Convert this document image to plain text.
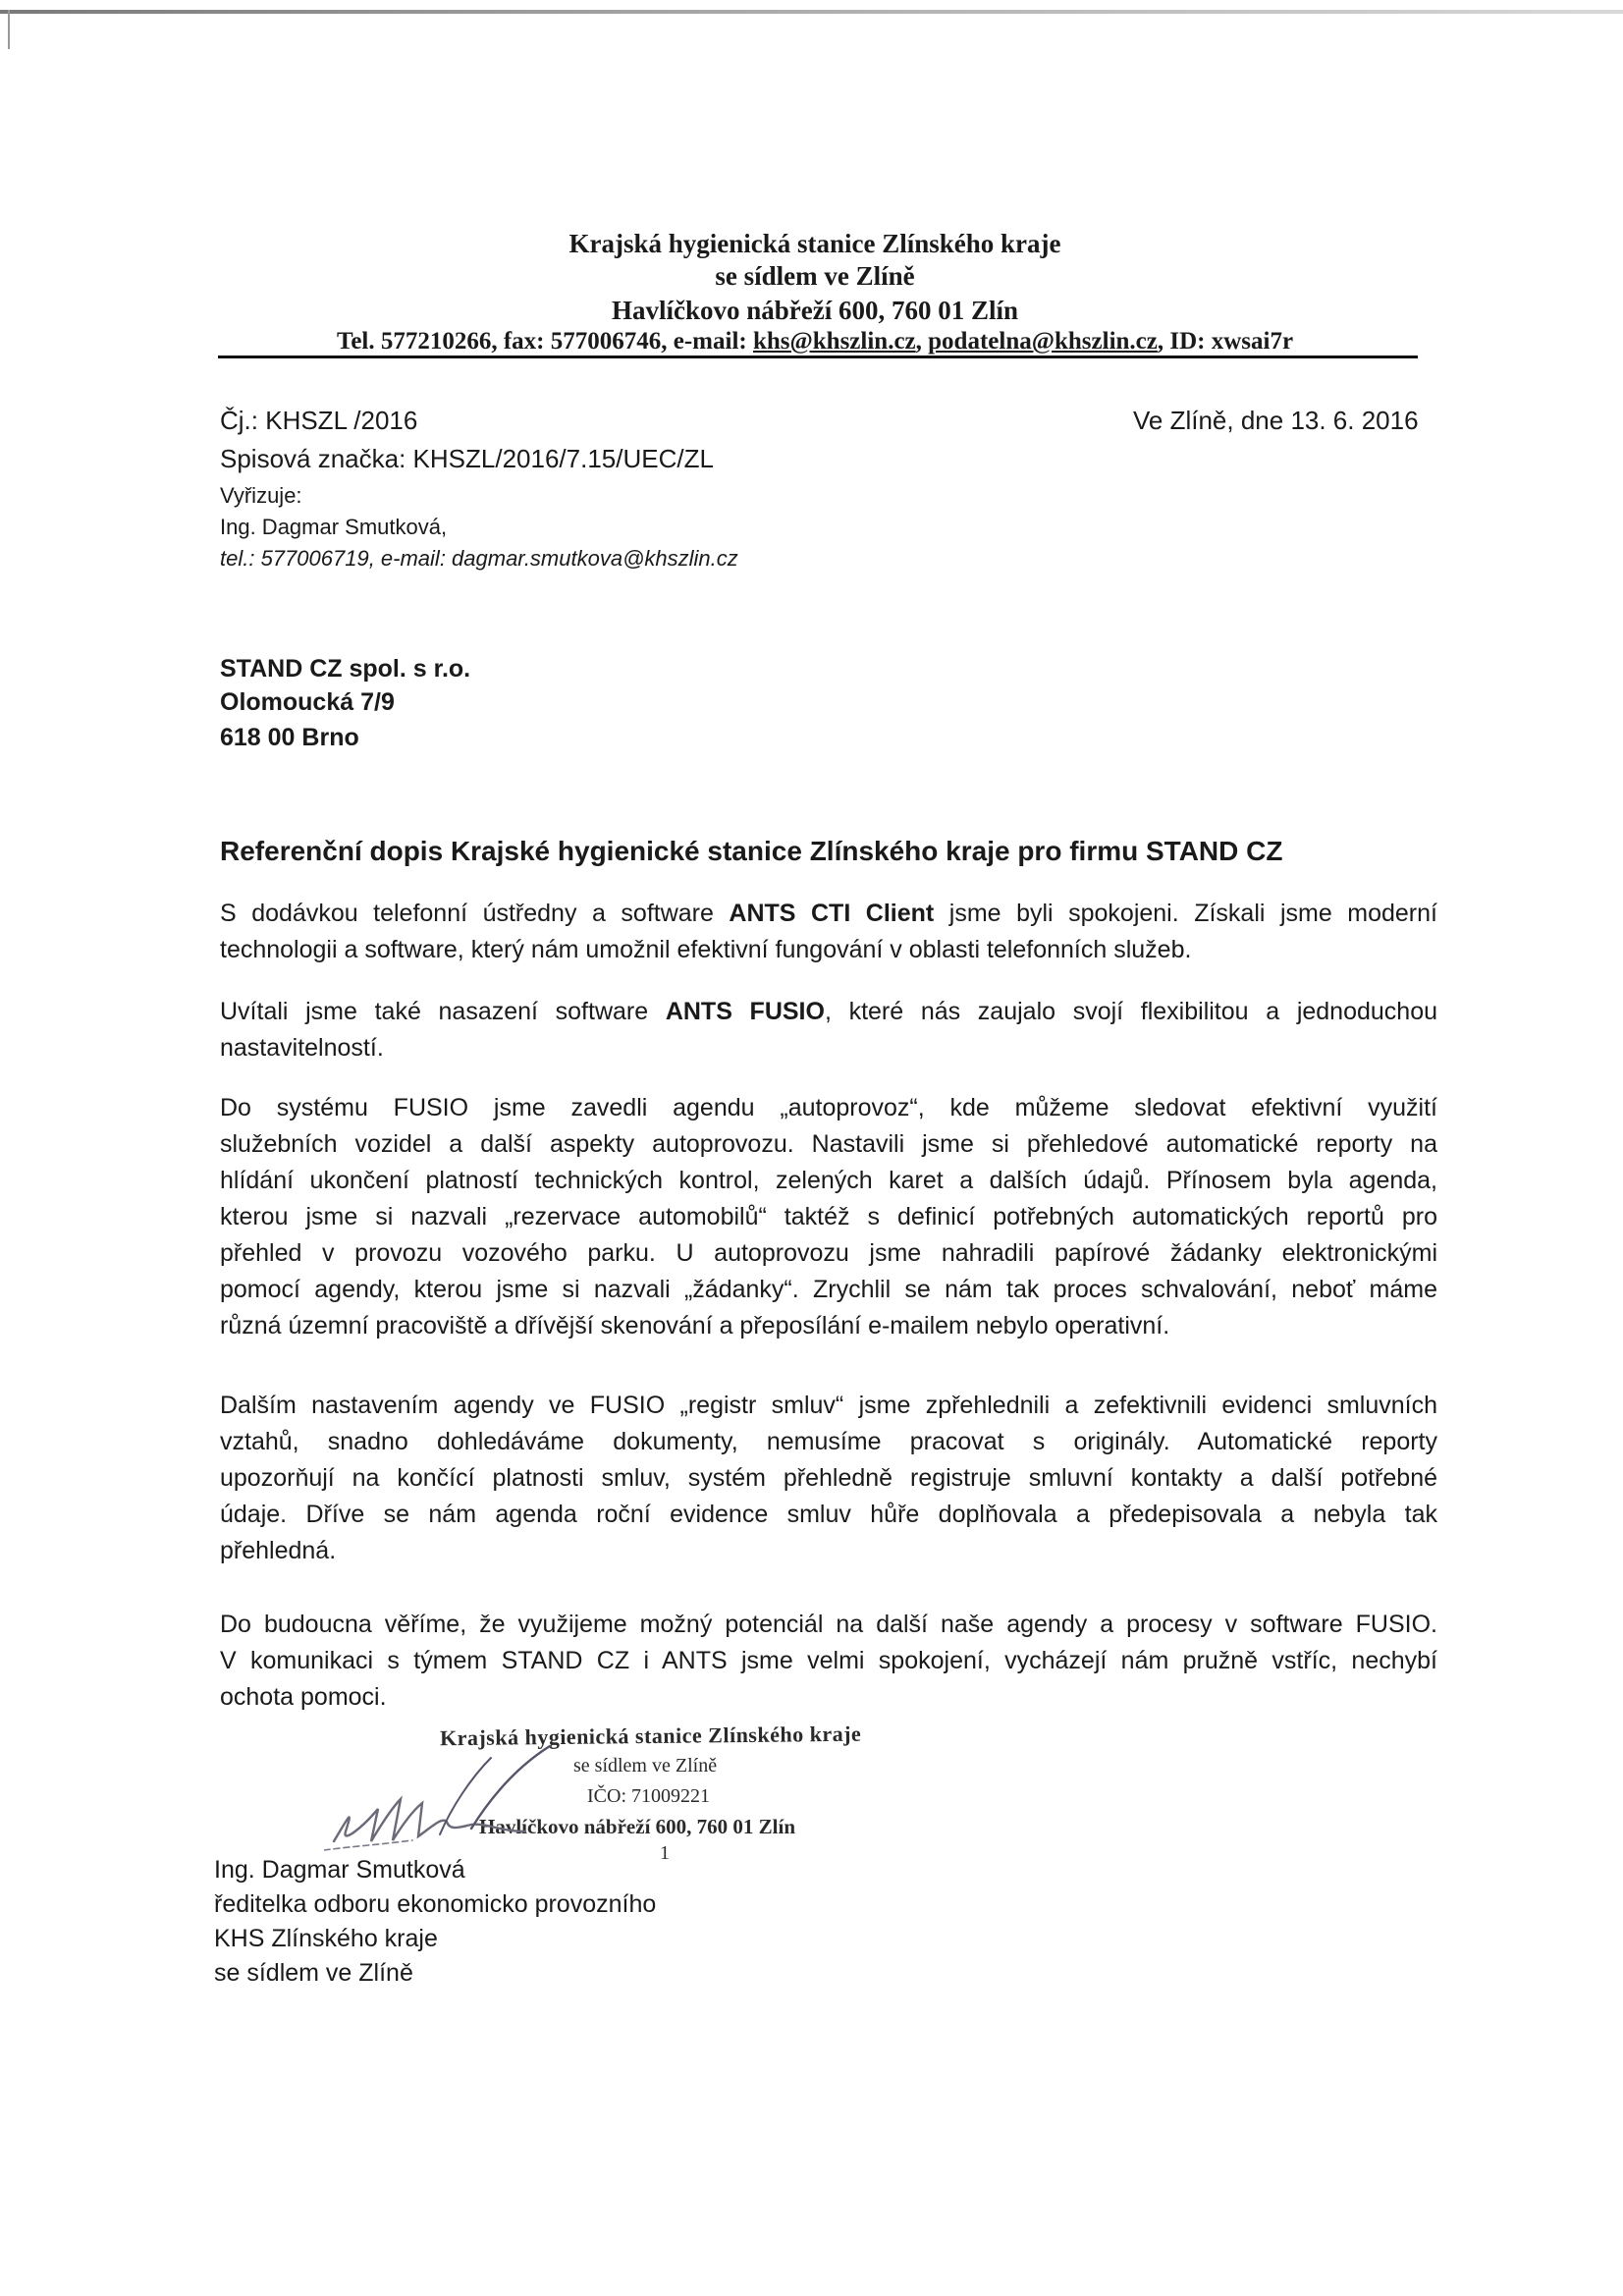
Krajská hygienická stanice Zlínského kraje
se sídlem ve Zlíně
Havlíčkovo nábřeží 600, 760 01 Zlín
Tel. 577210266, fax: 577006746, e-mail: khs@khszlin.cz, podatelna@khszlin.cz, ID: xwsai7r
Čj.: KHSZL /2016
Spisová značka: KHSZL/2016/7.15/UEC/ZL
Vyřizuje:
Ing. Dagmar Smutková,
tel.: 577006719, e-mail: dagmar.smutkova@khszlin.cz
Ve Zlíně, dne 13. 6. 2016
STAND CZ spol. s r.o.
Olomoucká 7/9
618 00 Brno
Referenční dopis Krajské hygienické stanice Zlínského kraje pro firmu STAND CZ
S dodávkou telefonní ústředny a software ANTS CTI Client jsme byli spokojeni. Získali jsme moderní
technologii a software, který nám umožnil efektivní fungování v oblasti telefonních služeb.
Uvítali jsme také nasazení software ANTS FUSIO, které nás zaujalo svojí flexibilitou a jednoduchou
nastavitelností.
Do systému FUSIO jsme zavedli agendu „autoprovoz“, kde můžeme sledovat efektivní využití
služebních vozidel a další aspekty autoprovozu. Nastavili jsme si přehledové automatické reporty na
hlídání ukončení platností technických kontrol, zelených karet a dalších údajů. Přínosem byla agenda,
kterou jsme si nazvali „rezervace automobilů“ taktéž s definicí potřebných automatických reportů pro
přehled v provozu vozového parku. U autoprovozu jsme nahradili papírové žádanky elektronickými
pomocí agendy, kterou jsme si nazvali „žádanky“. Zrychlil se nám tak proces schvalování, neboť máme
různá územní pracoviště a dřívější skenování a přeposílání e-mailem nebylo operativní.
Dalším nastavením agendy ve FUSIO „registr smluv“ jsme zpřehlednili a zefektivnili evidenci smluvních
vztahů, snadno dohledáváme dokumenty, nemusíme pracovat s originály. Automatické reporty
upozorňují na končící platnosti smluv, systém přehledně registruje smluvní kontakty a další potřebné
údaje. Dříve se nám agenda roční evidence smluv hůře doplňovala a předepisovala a nebyla tak
přehledná.
Do budoucna věříme, že využijeme možný potenciál na další naše agendy a procesy v software FUSIO.
V komunikaci s týmem STAND CZ i ANTS jsme velmi spokojení, vycházejí nám pružně vstříc, nechybí
ochota pomoci.
Krajská hygienická stanice Zlínského kraje
se sídlem ve Zlíně
IČO: 71009221
Havlíčkovo nábřeží 600, 760 01 Zlín
1
Ing. Dagmar Smutková
ředitelka odboru ekonomicko provozního
KHS Zlínského kraje
se sídlem ve Zlíně
